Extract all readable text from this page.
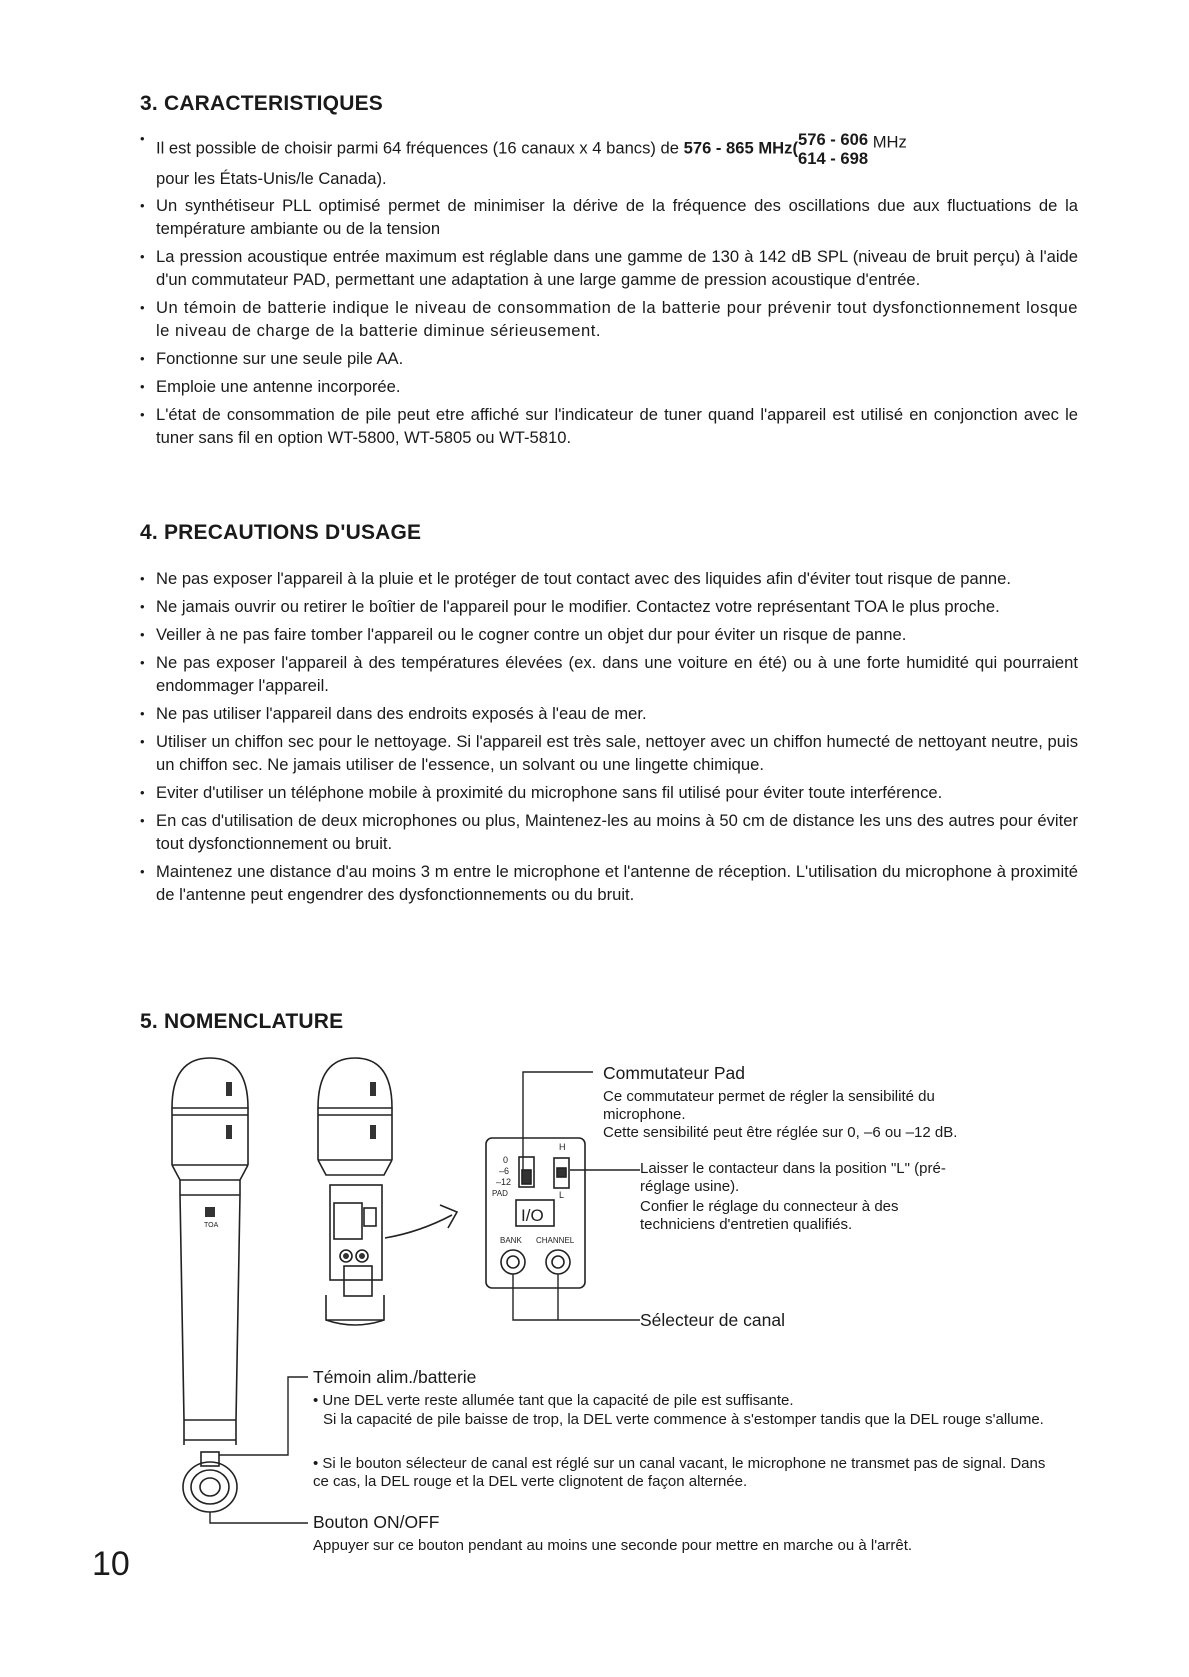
3. CARACTERISTIQUES
• Il est possible de choisir parmi 64 fréquences (16 canaux x 4 bancs) de 576 - 865 MHz( 576 - 606
614 - 698
MHz
pour les États-Unis/le Canada).
• Un synthétiseur PLL optimisé permet de minimiser la dérive de la fréquence des oscillations due aux fluctuations de la température ambiante ou de la tension
• La pression acoustique entrée maximum est réglable dans une gamme de 130 à 142 dB SPL (niveau de bruit perçu) à l'aide d'un commutateur PAD, permettant une adaptation à une large gamme de pression acoustique d'entrée.
• Un témoin de batterie indique le niveau de consommation de la batterie pour prévenir tout dysfonctionnement losque le niveau de charge de la batterie diminue sérieusement.
• Fonctionne sur une seule pile AA.
• Emploie une antenne incorporée.
• L'état de consommation de pile peut etre affiché sur l'indicateur de tuner quand l'appareil est utilisé en conjonction avec le tuner sans fil en option WT-5800, WT-5805 ou WT-5810.
4. PRECAUTIONS D'USAGE
• Ne pas exposer l'appareil à la pluie et le protéger de tout contact avec des liquides afin d'éviter tout risque de panne.
• Ne jamais ouvrir ou retirer le boîtier de l'appareil pour le modifier. Contactez votre représentant TOA le plus proche.
• Veiller à ne pas faire tomber l'appareil ou le cogner contre un objet dur pour éviter un risque de panne.
• Ne pas exposer l'appareil à des températures élevées (ex. dans une voiture en été) ou à une forte humidité qui pourraient endommager l'appareil.
• Ne pas utiliser l'appareil dans des endroits exposés à l'eau de mer.
• Utiliser un chiffon sec pour le nettoyage. Si l'appareil est très sale, nettoyer avec un chiffon humecté de nettoyant neutre, puis un chiffon sec. Ne jamais utiliser de l'essence, un solvant ou une lingette chimique.
• Eviter d'utiliser un téléphone mobile à proximité du microphone sans fil utilisé pour éviter toute interférence.
• En cas d'utilisation de deux microphones ou plus, Maintenez-les au moins à 50 cm de distance les uns des autres pour éviter tout dysfonctionnement ou bruit.
• Maintenez une distance d'au moins 3 m entre le microphone et l'antenne de réception. L'utilisation du microphone à proximité de l'antenne peut engendrer des dysfonctionnements ou du bruit.
5. NOMENCLATURE
TOA
0
–6
–12
PAD
H
L
I/O
BANK CHANNEL
Commutateur Pad
Ce commutateur permet de régler la sensibilité du microphone.
Cette sensibilité peut être réglée sur 0, –6 ou –12 dB.
Laisser le contacteur dans la position "L" (pré-réglage usine).
Confier le réglage du connecteur à des techniciens d'entretien qualifiés.
Sélecteur de canal
Témoin alim./batterie
• Une DEL verte reste allumée tant que la capacité de pile est suffisante.
Si la capacité de pile baisse de trop, la DEL verte commence à s'estomper tandis que la DEL rouge s'allume.
• Si le bouton sélecteur de canal est réglé sur un canal vacant, le microphone ne transmet pas de signal. Dans ce cas, la DEL rouge et la DEL verte clignotent de façon alternée.
Bouton ON/OFF
Appuyer sur ce bouton pendant au moins une seconde pour mettre en marche ou à l'arrêt.
10
